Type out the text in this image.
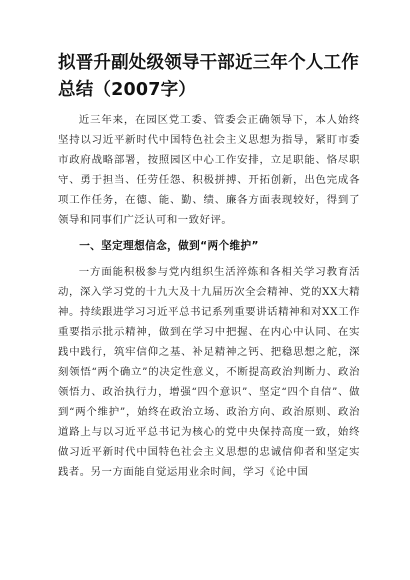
拟晋升副处级领导干部近三年个人工作总结（2007字）

近三年来，在园区党工委、管委会正确领导下，本人始终坚持以习近平新时代中国特色社会主义思想为指导，紧盯市委市政府战略部署，按照园区中心工作安排，立足职能、恪尽职守、勇于担当、任劳任怨、积极拼搏、开拓创新，出色完成各项工作任务，在德、能、勤、绩、廉各方面表现较好，得到了领导和同事们广泛认可和一致好评。

一、坚定理想信念，做到“两个维护”

一方面能积极参与党内组织生活淬炼和各相关学习教育活动，深入学习党的十九大及十九届历次全会精神、党的XX大精神。持续跟进学习习近平总书记系列重要讲话精神和对XX工作重要指示批示精神，做到在学习中把握、在内心中认同、在实践中践行，筑牢信仰之基、补足精神之钙、把稳思想之舵，深刻领悟“两个确立”的决定性意义，不断提高政治判断力、政治领悟力、政治执行力，增强“四个意识”、坚定“四个自信”、做到“两个维护”，始终在政治立场、政治方向、政治原则、政治道路上与以习近平总书记为核心的党中央保持高度一致，始终做习近平新时代中国特色社会主义思想的忠诚信仰者和坚定实践者。另一方面能自觉运用业余时间，学习《论中国
